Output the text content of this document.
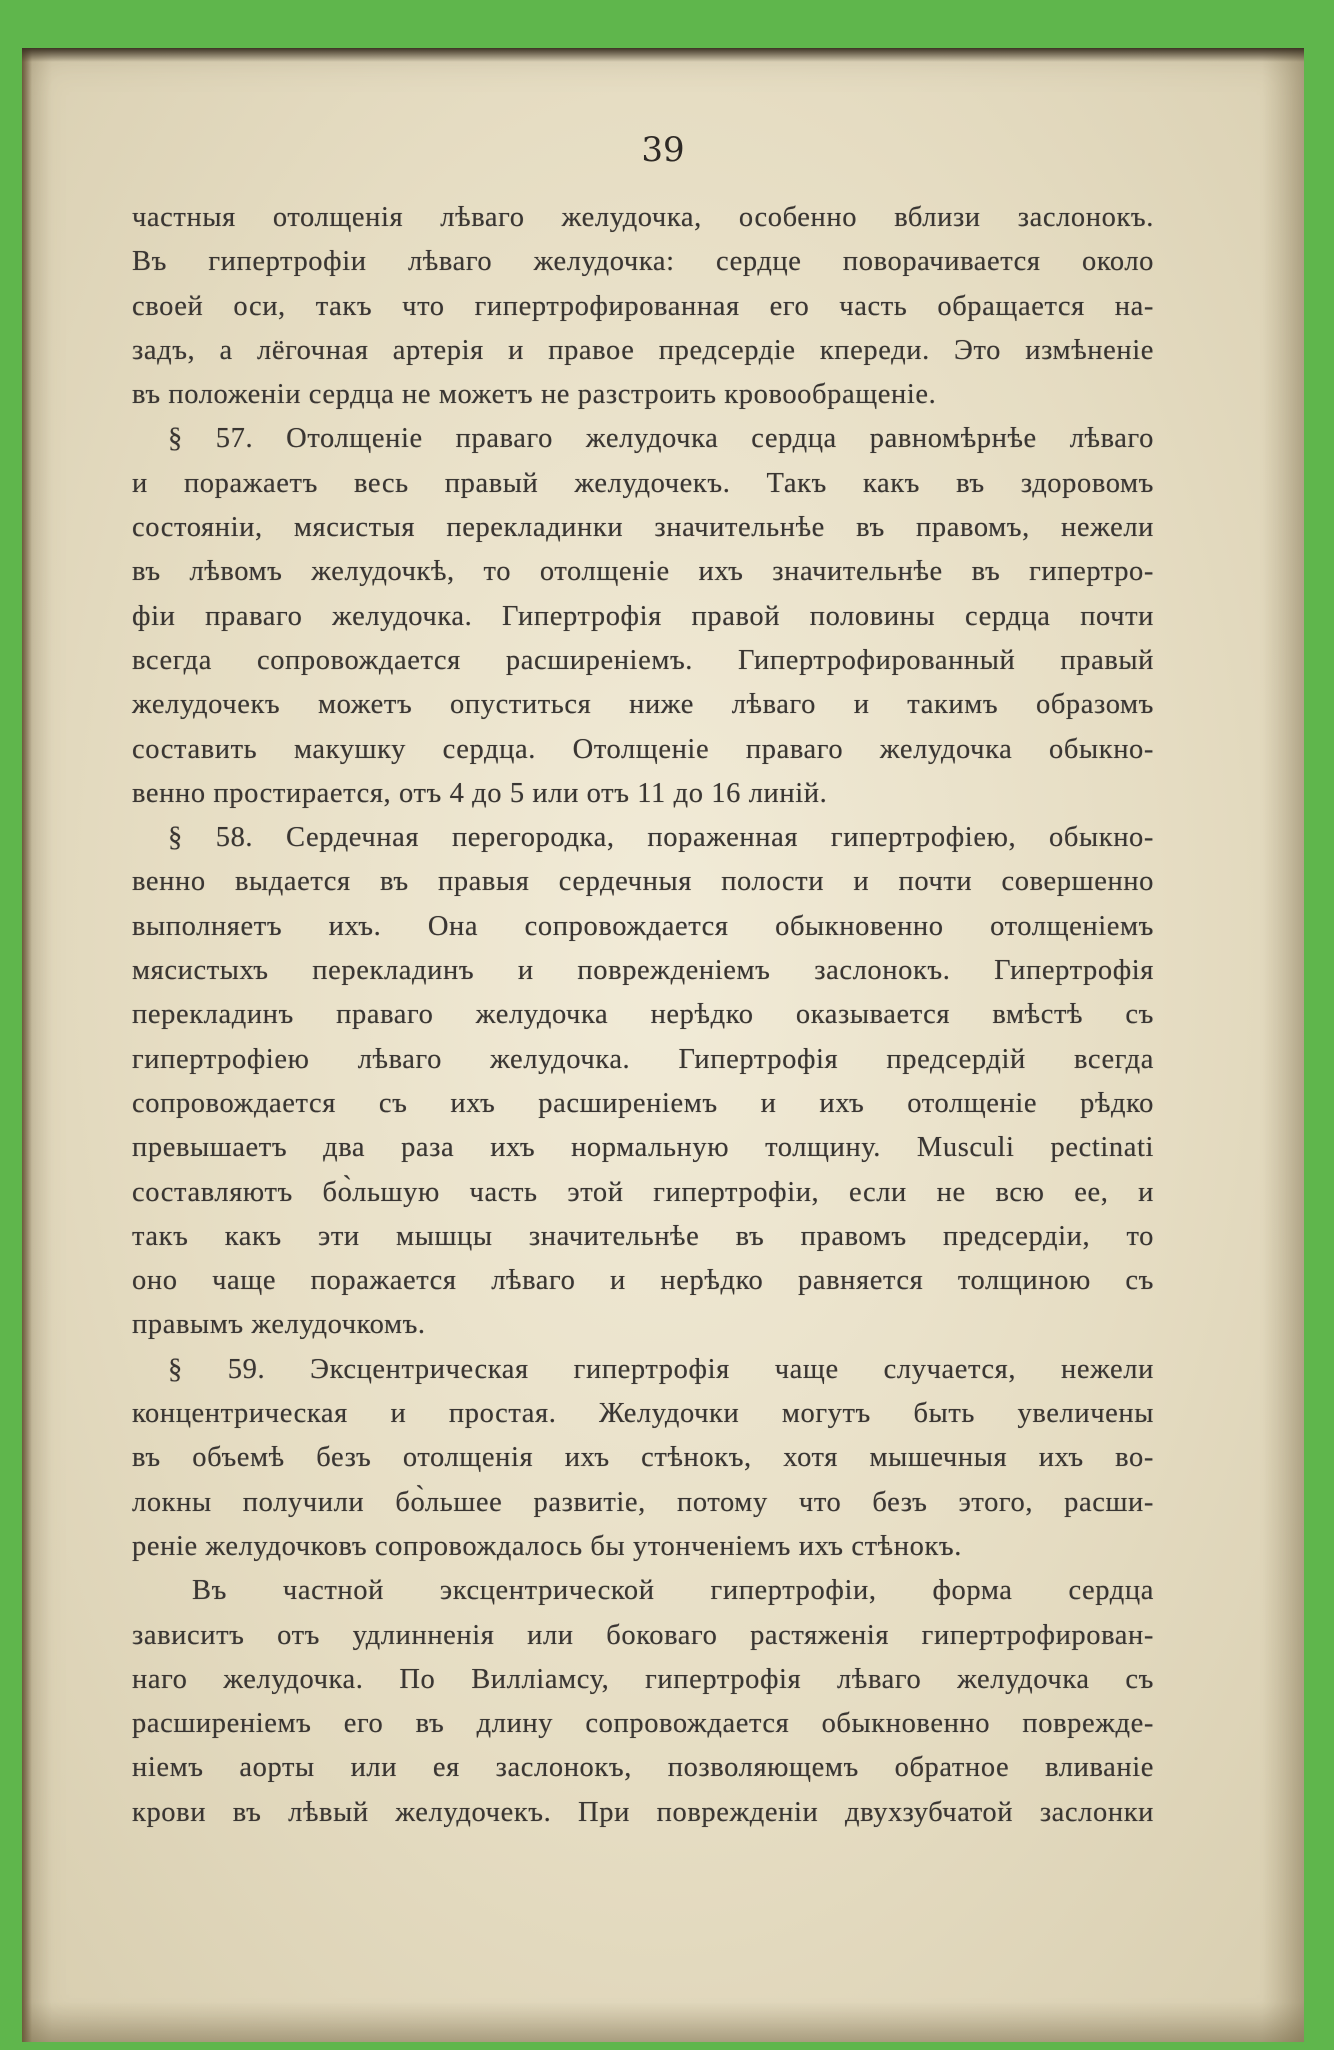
39
частныя отолщенія лѣваго желудочка, особенно вблизи заслонокъ.
Въ гипертрофіи лѣваго желудочка: сердце поворачивается около
своей оси, такъ что гипертрофированная его часть обращается на-
задъ, а лёгочная артерія и правое предсердіе кпереди. Это измѣненіе
въ положеніи сердца не можетъ не разстроить кровообращеніе.
§ 57. Отолщеніе праваго желудочка сердца равномѣрнѣе лѣваго
и поражаетъ весь правый желудочекъ. Такъ какъ въ здоровомъ
состояніи, мясистыя перекладинки значительнѣе въ правомъ, нежели
въ лѣвомъ желудочкѣ, то отолщеніе ихъ значительнѣе въ гипертро-
фіи праваго желудочка. Гипертрофія правой половины сердца почти
всегда сопровождается расширеніемъ. Гипертрофированный правый
желудочекъ можетъ опуститься ниже лѣваго и такимъ образомъ
составить макушку сердца. Отолщеніе праваго желудочка обыкно-
венно простирается, отъ 4 до 5 или отъ 11 до 16 линій.
§ 58. Сердечная перегородка, пораженная гипертрофіею, обыкно-
венно выдается въ правыя сердечныя полости и почти совершенно
выполняетъ ихъ. Она сопровождается обыкновенно отолщеніемъ
мясистыхъ перекладинъ и поврежденіемъ заслонокъ. Гипертрофія
перекладинъ праваго желудочка нерѣдко оказывается вмѣстѣ съ
гипертрофіею лѣваго желудочка. Гипертрофія предсердій всегда
сопровождается съ ихъ расширеніемъ и ихъ отолщеніе рѣдко
превышаетъ два раза ихъ нормальную толщину. Musculi pectinati
составляютъ бо̀льшую часть этой гипертрофіи, если не всю ее, и
такъ какъ эти мышцы значительнѣе въ правомъ предсердіи, то
оно чаще поражается лѣваго и нерѣдко равняется толщиною съ
правымъ желудочкомъ.
§ 59. Эксцентрическая гипертрофія чаще случается, нежели
концентрическая и простая. Желудочки могутъ быть увеличены
въ объемѣ безъ отолщенія ихъ стѣнокъ, хотя мышечныя ихъ во-
локны получили бо̀льшее развитіе, потому что безъ этого, расши-
реніе желудочковъ сопровождалось бы утонченіемъ ихъ стѣнокъ.
Въ частной эксцентрической гипертрофіи, форма сердца
зависитъ отъ удлинненія или боковаго растяженія гипертрофирован-
наго желудочка. По Вилліамсу, гипертрофія лѣваго желудочка съ
расширеніемъ его въ длину сопровождается обыкновенно поврежде-
ніемъ аорты или ея заслонокъ, позволяющемъ обратное вливаніе
крови въ лѣвый желудочекъ. При поврежденіи двухзубчатой заслонки
